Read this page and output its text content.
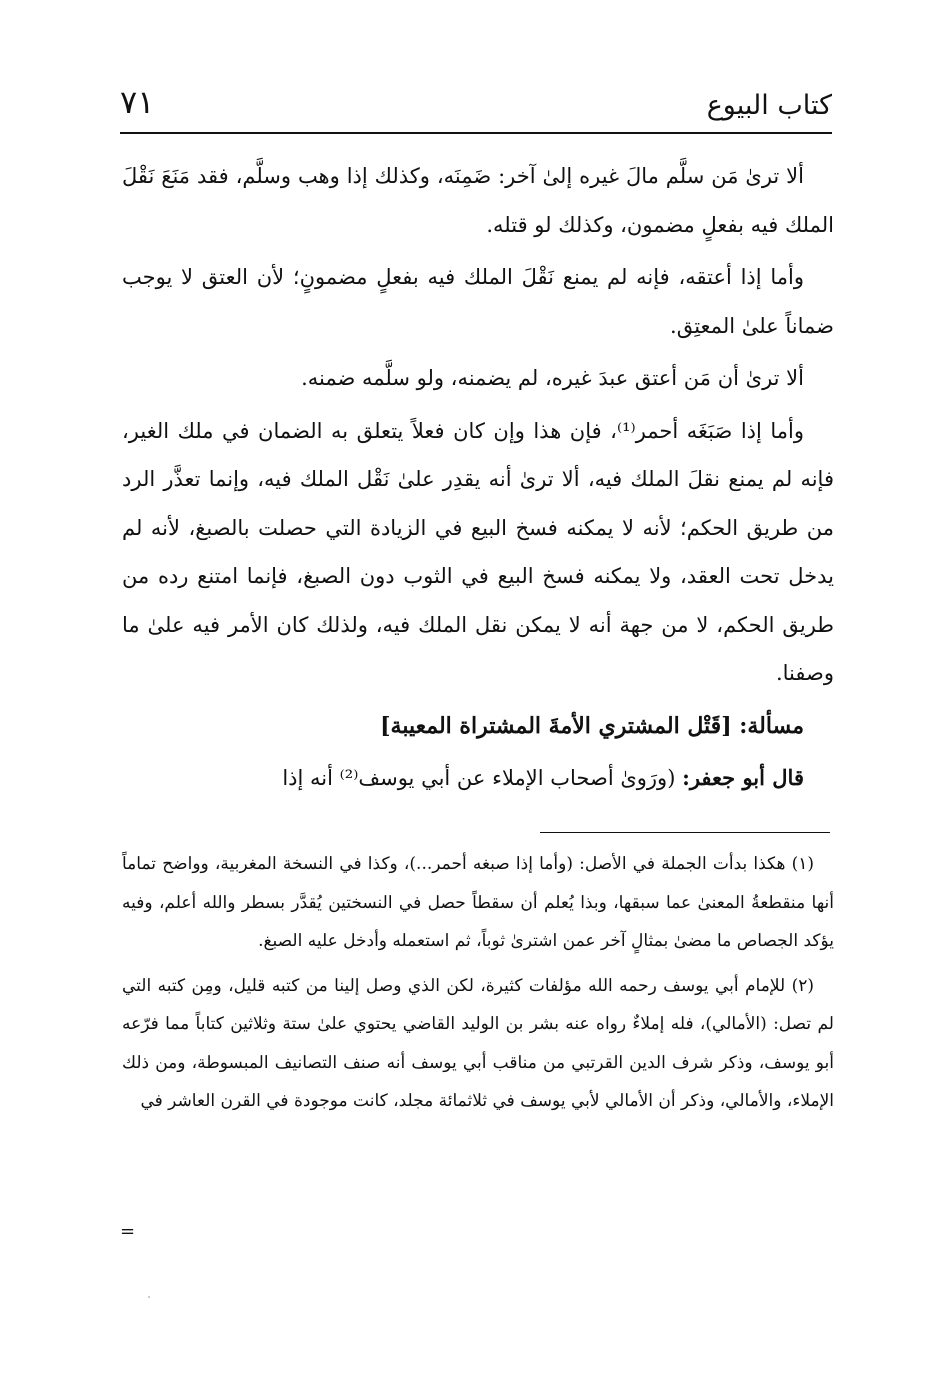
كتاب البيوع
٧١

ألا ترىٰ مَن سلَّم مالَ غيره إلىٰ آخر: ضَمِنَه، وكذلك إذا وهب وسلَّم، فقد مَنَعَ نَقْلَ الملك فيه بفعلٍ مضمون، وكذلك لو قتله.

وأما إذا أعتقه، فإنه لم يمنع نَقْلَ الملك فيه بفعلٍ مضمونٍ؛ لأن العتق لا يوجب ضماناً علىٰ المعتِق.

ألا ترىٰ أن مَن أعتق عبدَ غيره، لم يضمنه، ولو سلَّمه ضمنه.

وأما إذا صَبَغَه أحمر⁽¹⁾، فإن هذا وإن كان فعلاً يتعلق به الضمان في ملك الغير، فإنه لم يمنع نقلَ الملك فيه، ألا ترىٰ أنه يقدِر علىٰ نَقْل الملك فيه، وإنما تعذَّر الرد من طريق الحكم؛ لأنه لا يمكنه فسخ البيع في الزيادة التي حصلت بالصبغ، لأنه لم يدخل تحت العقد، ولا يمكنه فسخ البيع في الثوب دون الصبغ، فإنما امتنع رده من طريق الحكم، لا من جهة أنه لا يمكن نقل الملك فيه، ولذلك كان الأمر فيه علىٰ ما وصفنا.

مسألة: [قَتْل المشتري الأمةَ المشتراة المعيبة]

قال أبو جعفر: (ورَوىٰ أصحاب الإملاء عن أبي يوسف⁽²⁾ أنه إذا

(١) هكذا بدأت الجملة في الأصل: (وأما إذا صبغه أحمر...)، وكذا في النسخة المغربية، وواضح تماماً أنها منقطعةُ المعنىٰ عما سبقها، وبذا يُعلم أن سقطاً حصل في النسختين يُقدَّر بسطر والله أعلم، وفيه يؤكد الجصاص ما مضىٰ بمثالٍ آخر عمن اشترىٰ ثوباً، ثم استعمله وأدخل عليه الصبغ.

(٢) للإمام أبي يوسف رحمه الله مؤلفات كثيرة، لكن الذي وصل إلينا من كتبه قليل، ومِن كتبه التي لم تصل: (الأمالي)، فله إملاءٌ رواه عنه بشر بن الوليد القاضي يحتوي علىٰ ستة وثلاثين كتاباً مما فرّعه أبو يوسف، وذكر شرف الدين القرتبي من مناقب أبي يوسف أنه صنف التصانيف المبسوطة، ومن ذلك الإملاء، والأمالي، وذكر أن الأمالي لأبي يوسف في ثلاثمائة مجلد، كانت موجودة في القرن العاشر في

=
